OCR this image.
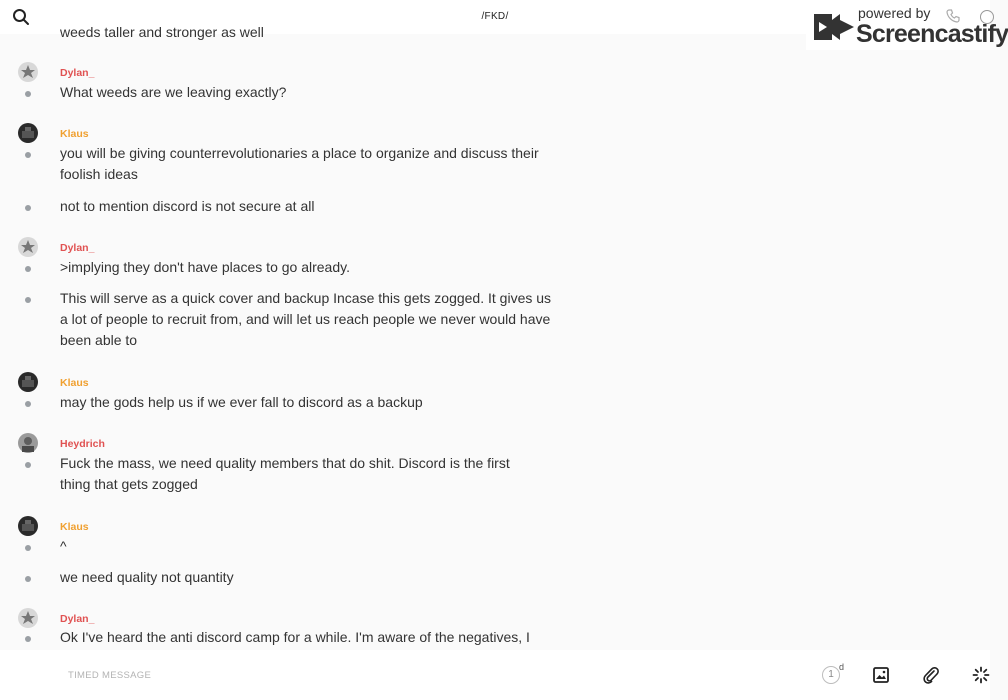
/FKD/
weeds taller and stronger as well
Dylan_
What weeds are we leaving exactly?
Klaus
you will be giving counterrevolutionaries a place to organize and discuss their foolish ideas
not to mention discord is not secure at all
Dylan_
>implying they don't have places to go already.
This will serve as a quick cover and backup Incase this gets zogged. It gives us a lot of people to recruit from, and will let us reach people we never would have been able to
Klaus
may the gods help us if we ever fall to discord as a backup
Heydrich
Fuck the mass, we need quality members that do shit. Discord is the first thing that gets zogged
Klaus
^
we need quality not quantity
Dylan_
Ok I've heard the anti discord camp for a while. I'm aware of the negatives, I
powered by
Screencastify
TIMED MESSAGE	1
d
